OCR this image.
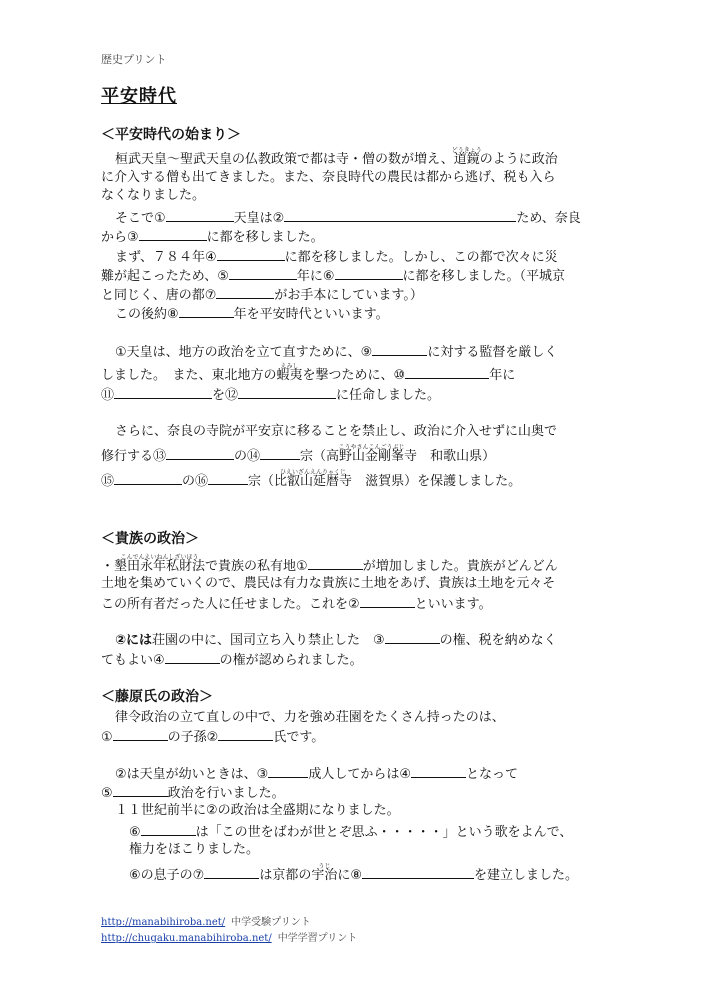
歴史プリント
平安時代
＜平安時代の始まり＞
桓武天皇～聖武天皇の仏教政策で都は寺・僧の数が増え、道鏡
どうきょう
のように政治
に介入する僧も出てきました。また、奈良時代の農民は都から逃げ、税も入ら
なくなりました。
そこで①	天皇は②	ため、奈良
から③	に都を移しました。
まず、７８４年④	に都を移しました。しかし、この都で次々に災
難が起こったため、⑤	年に⑥	に都を移しました。（平城京
と同じく、唐の都⑦	がお手本にしています。）
この後約⑧	年を平安時代といいます。
①天皇は、地方の政治を立て直すために、⑨	に対する監督を厳しく
しました。　また、東北地方の蝦夷
えみし
を撃つために、⑩	年に
⑪	を⑫	に任命しました。
さらに、奈良の寺院が平安京に移ることを禁止し、政治に介入せずに山奥で
修行する⑬	の⑭	宗（高野山金剛峯寺
こうやさんこんごうぶじ
　和歌山県）
⑮	の⑯	宗（比叡山延暦寺
ひえいざんえんりゃくじ
　滋賀県）を保護しました。
＜貴族の政治＞
・墾田永年私財法
こんでんえいねんしざいほう
で貴族の私有地①	が増加しました。貴族がどんどん
土地を集めていくので、農民は有力な貴族に土地をあげ、貴族は土地を元々そ
この所有者だった人に任せました。これを②	といいます。
②には荘園の中に、国司立ち入り禁止した　③	の権、税を納めなく
てもよい④	の権が認められました。
＜藤原氏の政治＞
律令政治の立て直しの中で、力を強め荘園をたくさん持ったのは、
①	の子孫②	氏です。
②は天皇が幼いときは、③	成人してからは④	となって
⑤	政治を行いました。
１１世紀前半に②の政治は全盛期になりました。
⑥	は「この世をばわが世とぞ思ふ・・・・・」という歌をよんで、
権力をほこりました。
⑥の息子の⑦	は京都の宇治
うじ
に⑧	を建立しました。
http://manabihiroba.net/ 中学受験プリント
http://chugaku.manabihiroba.net/ 中学学習プリント
